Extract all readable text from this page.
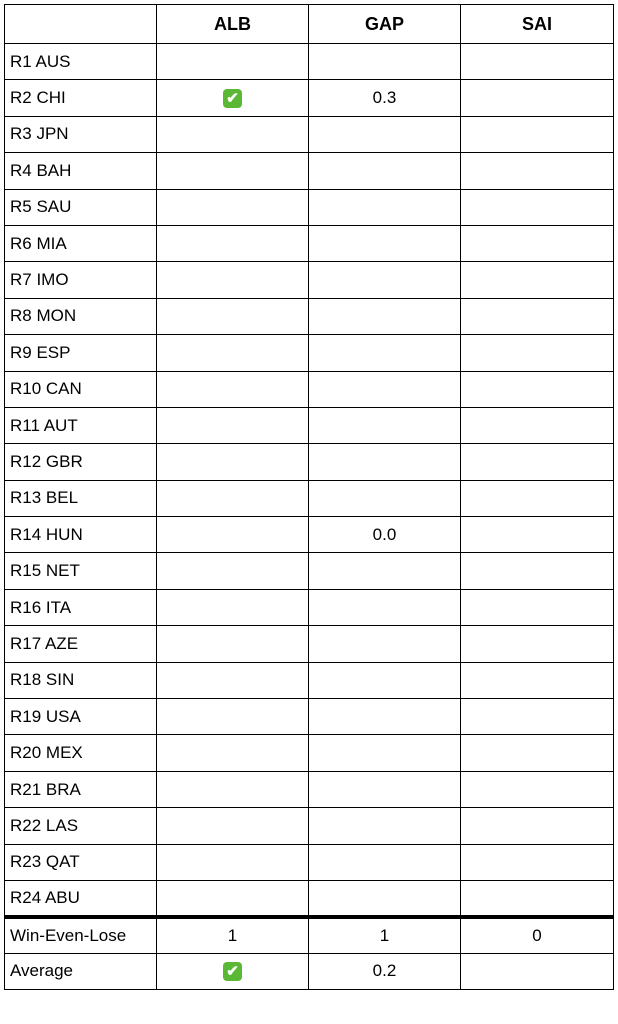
	ALB	GAP	SAI
R1 AUS			
R2 CHI	✔	0.3	
R3 JPN			
R4 BAH			
R5 SAU			
R6 MIA			
R7 IMO			
R8 MON			
R9 ESP			
R10 CAN			
R11 AUT			
R12 GBR			
R13 BEL			
R14 HUN		0.0	
R15 NET			
R16 ITA			
R17 AZE			
R18 SIN			
R19 USA			
R20 MEX			
R21 BRA			
R22 LAS			
R23 QAT			
R24 ABU			
Win-Even-Lose	1	1	0
Average	✔	0.2	
